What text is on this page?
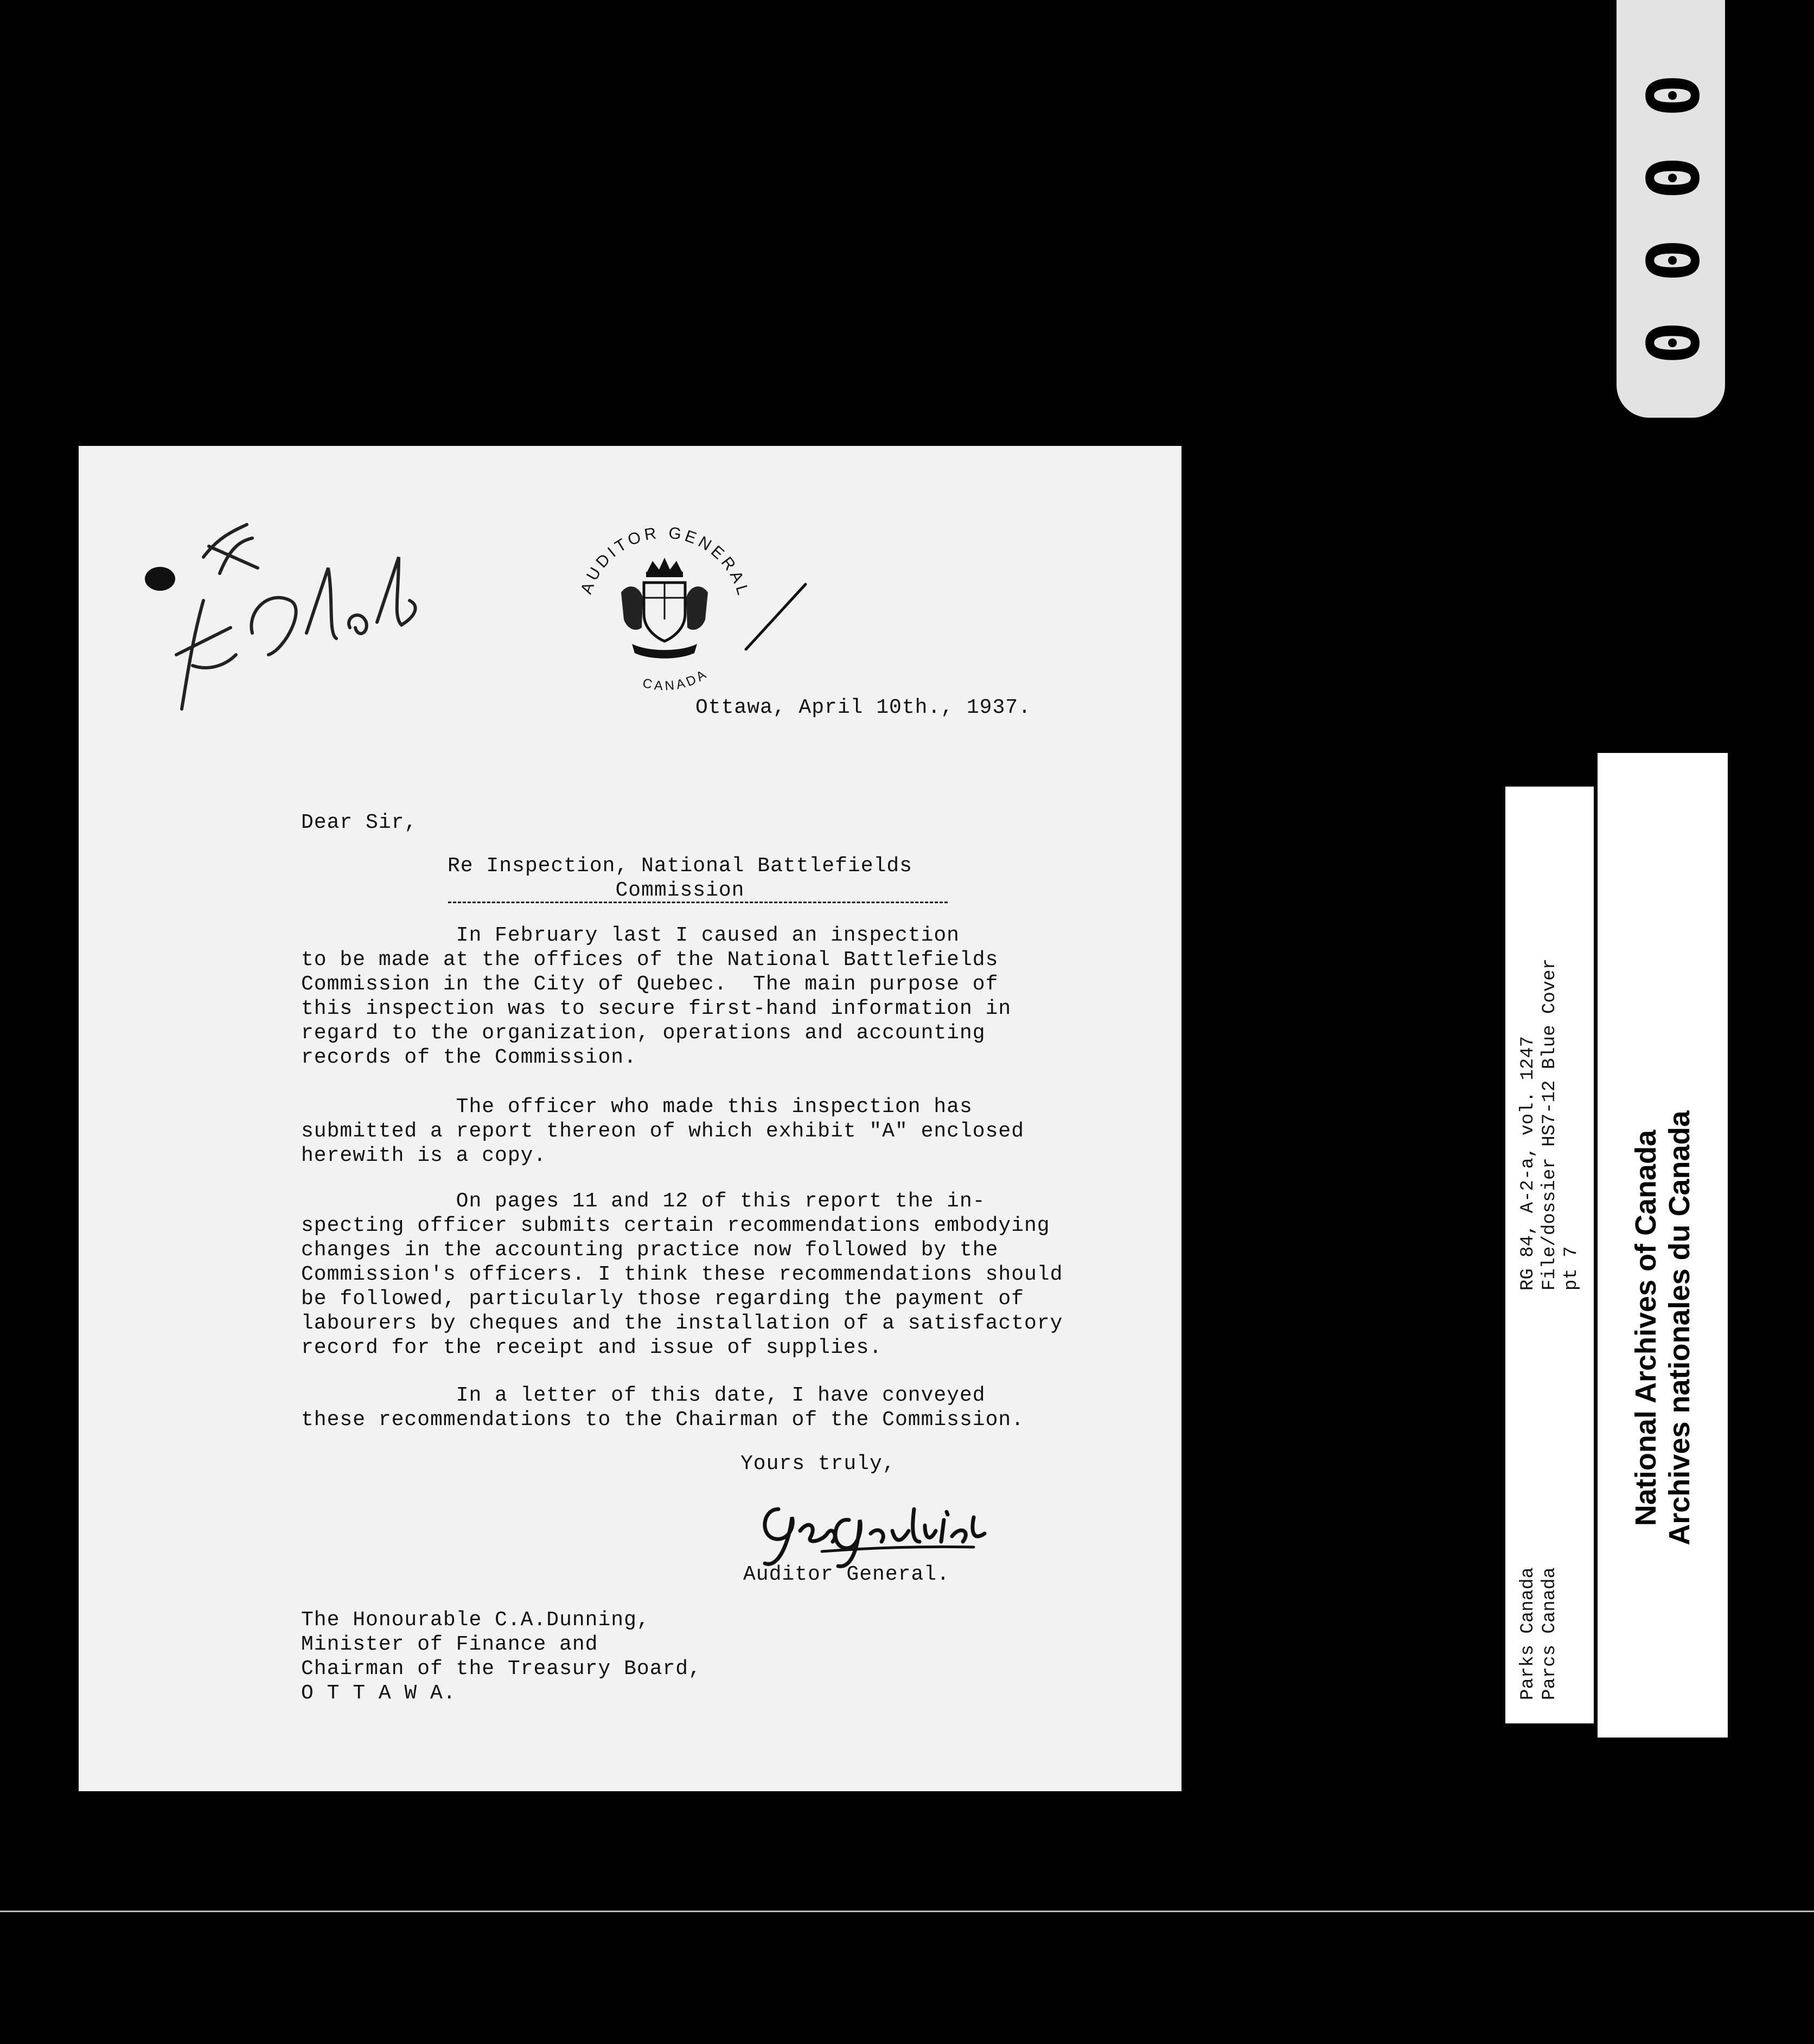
Mr Clark
AUDITOR GENERAL
CANADA
Ottawa, April 10th., 1937.
Dear Sir,
Re Inspection, National Battlefields
Commission
In February last I caused an inspection
to be made at the offices of the National Battlefields
Commission in the City of Quebec.  The main purpose of
this inspection was to secure first-hand information in
regard to the organization, operations and accounting
records of the Commission.
The officer who made this inspection has
submitted a report thereon of which exhibit "A" enclosed
herewith is a copy.
On pages 11 and 12 of this report the in-
specting officer submits certain recommendations embodying
changes in the accounting practice now followed by the
Commission's officers. I think these recommendations should
be followed, particularly those regarding the payment of
labourers by cheques and the installation of a satisfactory
record for the receipt and issue of supplies.
In a letter of this date, I have conveyed
these recommendations to the Chairman of the Commission.
Yours truly,
Geo Gonthier
Auditor General.
The Honourable C.A.Dunning,
Minister of Finance and
Chairman of the Treasury Board,
O T T A W A.
0
0
0
0
Parks Canada                         RG 84, A-2-a, vol. 1247
Parcs Canada                         File/dossier HS7-12 Blue Cover
pt 7
National Archives of Canada
Archives nationales du Canada
